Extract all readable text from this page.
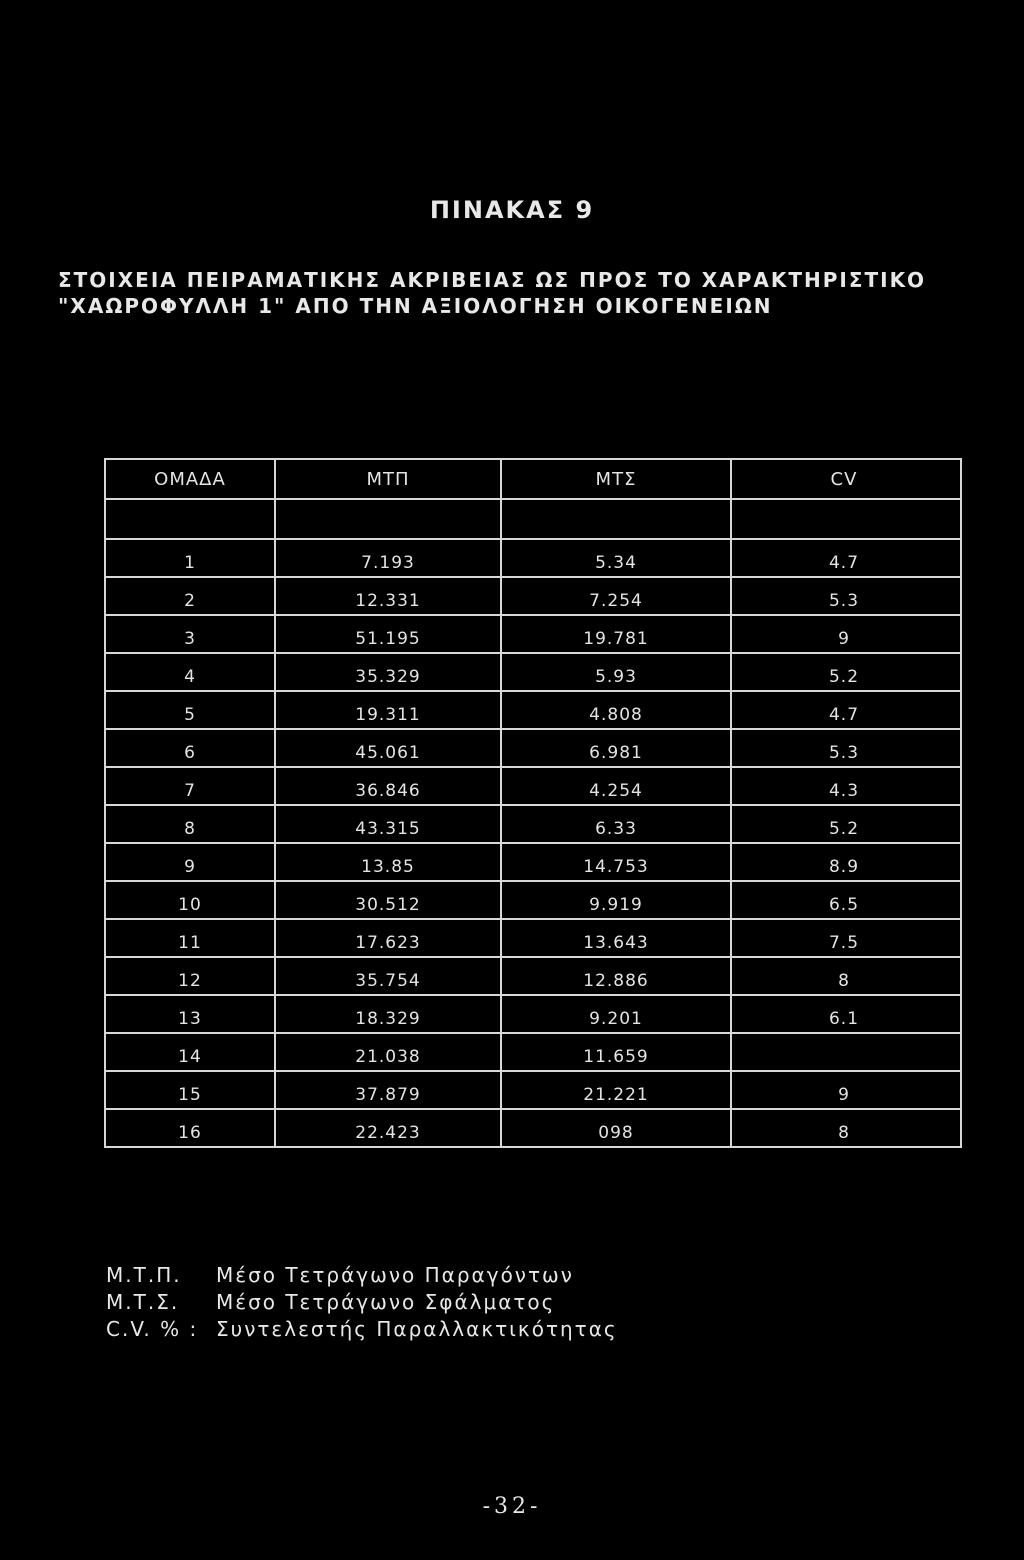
ΠΙΝΑΚΑΣ 9
ΣΤΟΙΧΕΙΑ ΠΕΙΡΑΜΑΤΙΚΗΣ ΑΚΡΙΒΕΙΑΣ ΩΣ ΠΡΟΣ ΤΟ ΧΑΡΑΚΤΗΡΙΣΤΙΚΟ
"ΧΑΩΡΟΦΥΛΛΗ 1" ΑΠΟ ΤΗΝ ΑΞΙΟΛΟΓΗΣΗ ΟΙΚΟΓΕΝΕΙΩΝ
ΟΜΑΔΑ	ΜΤΠ	ΜΤΣ	CV
1	7.193	5.34	4.7
2	12.331	7.254	5.3
3	51.195	19.781	9
4	35.329	5.93	5.2
5	19.311	4.808	4.7
6	45.061	6.981	5.3
7	36.846	4.254	4.3
8	43.315	6.33	5.2
9	13.85	14.753	8.9
10	30.512	9.919	6.5
11	17.623	13.643	7.5
12	35.754	12.886	8
13	18.329	9.201	6.1
14	21.038	11.659
15	37.879	21.221	9
16	22.423	098	8
Μ.Τ.Π.	Μέσο Τετράγωνο Παραγόντων
Μ.Τ.Σ.	Μέσο Τετράγωνο Σφάλματος
C.V. % : Συντελεστής Παραλλακτικότητας
-32-
